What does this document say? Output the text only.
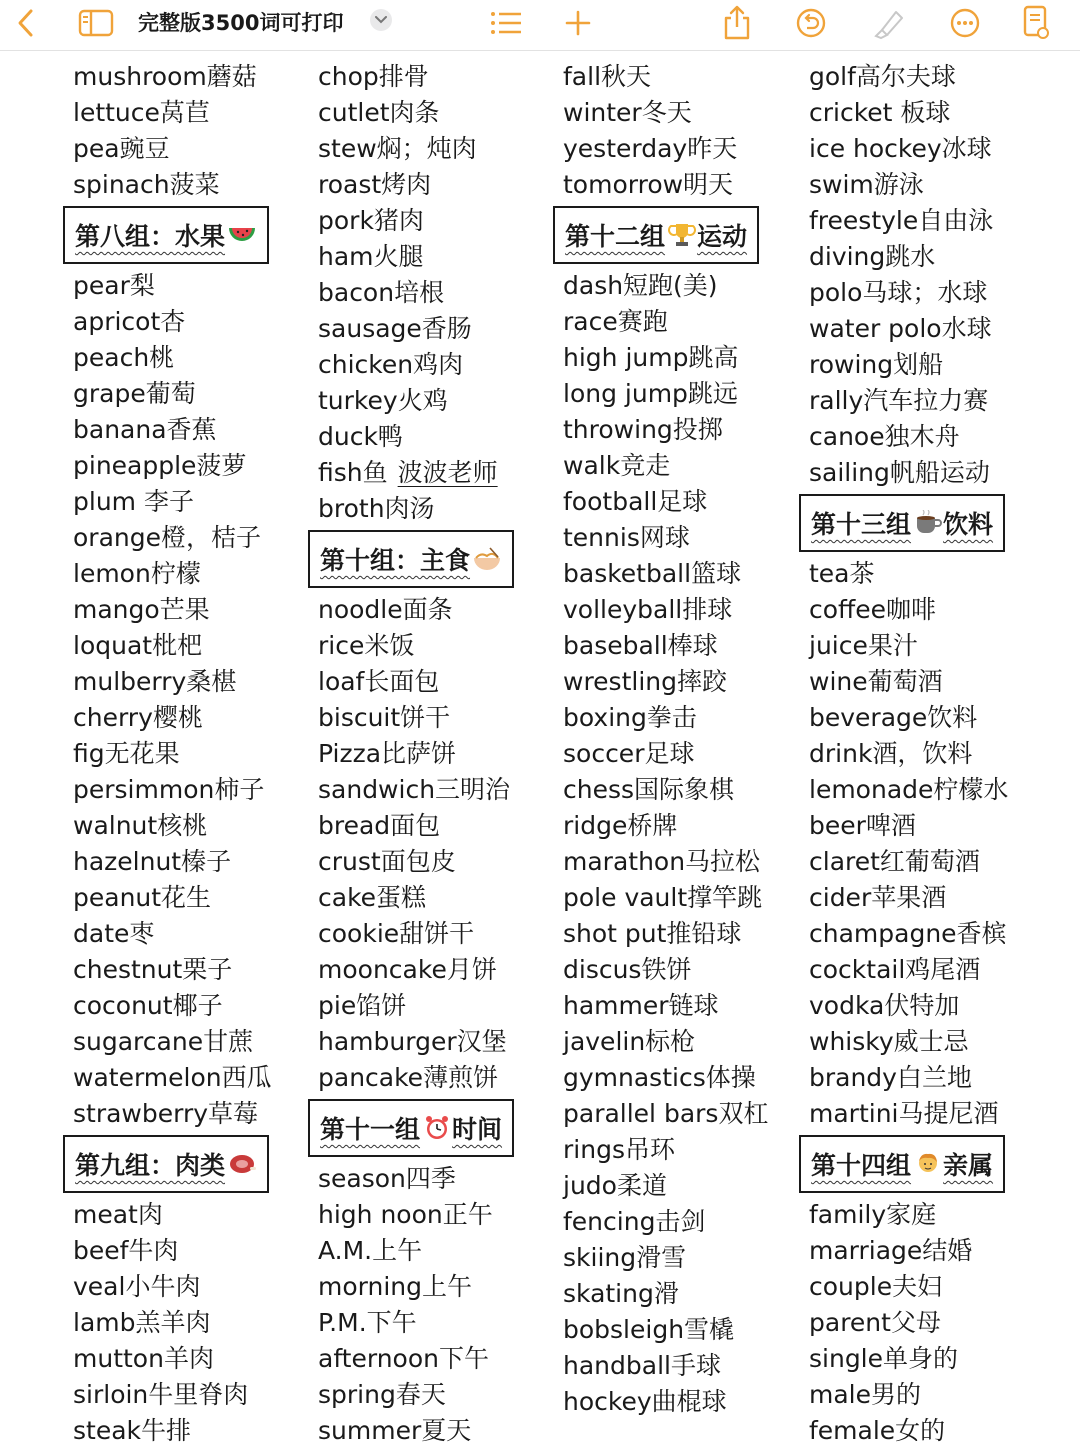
完整版3500词可打印
mushroom蘑菇
lettuce莴苣
pea豌豆
spinach菠菜
第八组：水果
pear梨
apricot杏
peach桃
grape葡萄
banana香蕉
pineapple菠萝
plum 李子
orange橙，桔子
lemon柠檬
mango芒果
loquat枇杷
mulberry桑椹
cherry樱桃
fig无花果
persimmon柿子
walnut核桃
hazelnut榛子
peanut花生
date枣
chestnut栗子
coconut椰子
sugarcane甘蔗
watermelon西瓜
strawberry草莓
第九组：肉类
meat肉
beef牛肉
veal小牛肉
lamb羔羊肉
mutton羊肉
sirloin牛里脊肉
steak牛排
chop排骨
cutlet肉条
stew焖；炖肉
roast烤肉
pork猪肉
ham火腿
bacon培根
sausage香肠
chicken鸡肉
turkey火鸡
duck鸭
fish鱼 波波老师
broth肉汤
第十组：主食
noodle面条
rice米饭
loaf长面包
biscuit饼干
Pizza比萨饼
sandwich三明治
bread面包
crust面包皮
cake蛋糕
cookie甜饼干
mooncake月饼
pie馅饼
hamburger汉堡
pancake薄煎饼
第十一组 时间
season四季
high noon正午
A.M.上午
morning上午
P.M.下午
afternoon下午
spring春天
summer夏天
fall秋天
winter冬天
yesterday昨天
tomorrow明天
第十二组 运动
dash短跑(美)
race赛跑
high jump跳高
long jump跳远
throwing投掷
walk竞走
football足球
tennis网球
basketball篮球
volleyball排球
baseball棒球
wrestling摔跤
boxing拳击
soccer足球
chess国际象棋
ridge桥牌
marathon马拉松
pole vault撑竿跳
shot put推铅球
discus铁饼
hammer链球
javelin标枪
gymnastics体操
parallel bars双杠
rings吊环
judo柔道
fencing击剑
skiing滑雪
skating滑
bobsleigh雪橇
handball手球
hockey曲棍球
golf高尔夫球
cricket 板球
ice hockey冰球
swim游泳
freestyle自由泳
diving跳水
polo马球；水球
water polo水球
rowing划船
rally汽车拉力赛
canoe独木舟
sailing帆船运动
第十三组 饮料
tea茶
coffee咖啡
juice果汁
wine葡萄酒
beverage饮料
drink酒，饮料
lemonade柠檬水
beer啤酒
claret红葡萄酒
cider苹果酒
champagne香槟
cocktail鸡尾酒
vodka伏特加
whisky威士忌
brandy白兰地
martini马提尼酒
第十四组 亲属
family家庭
marriage结婚
couple夫妇
parent父母
single单身的
male男的
female女的
